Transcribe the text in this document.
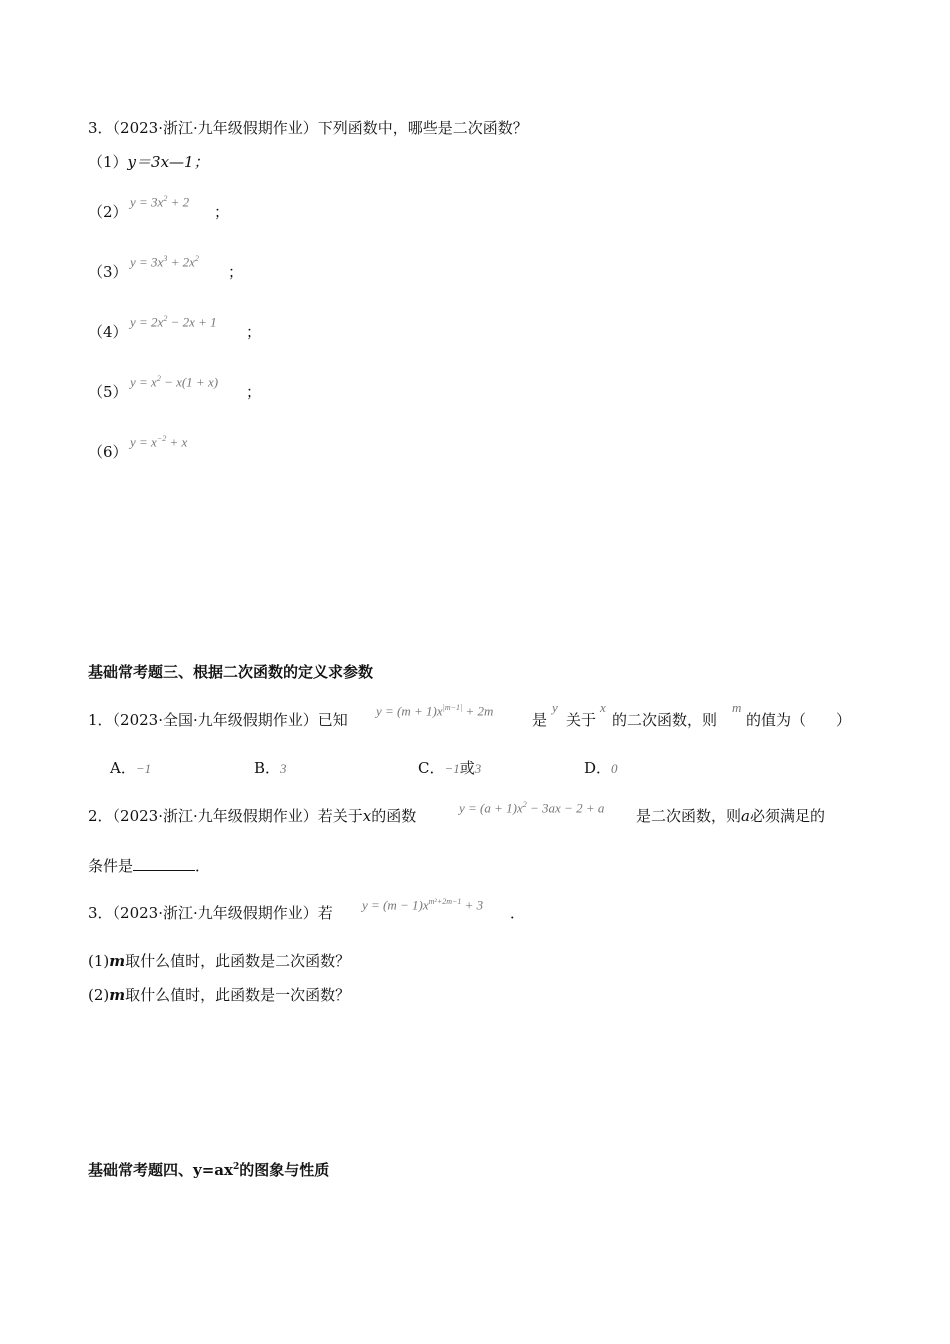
3．（2023·浙江·九年级假期作业）下列函数中，哪些是二次函数？
（1）y＝3x—1；
（2）
$y = 3x^2 + 2$
；
（3）
$y = 3x^3 + 2x^2$
；
（4）
$y = 2x^2 - 2x + 1$
；
（5）
$y = x^2 - x(1 + x)$
；
（6）
$y = x^{-2} + x$
基础常考题三、根据二次函数的定义求参数
1．（2023·全国·九年级假期作业）已知
$y = (m + 1)x^{|m-1|} + 2m$
是
y
关于
x
的二次函数，则
m
的值为（　　）
A．−1	B．3	C．−1或3	D．0
2．（2023·浙江·九年级假期作业）若关于x的函数	$y = (a + 1)x^2 - 3ax - 2 + a$ 是二次函数，则a必须满足的
条件是	．
3．（2023·浙江·九年级假期作业）若 $y = (m - 1)x^{m^2+2m-1} + 3$ ．
(1)m取什么值时，此函数是二次函数？
(2)m取什么值时，此函数是一次函数？
基础常考题四、$y=ax^2$的图象与性质
